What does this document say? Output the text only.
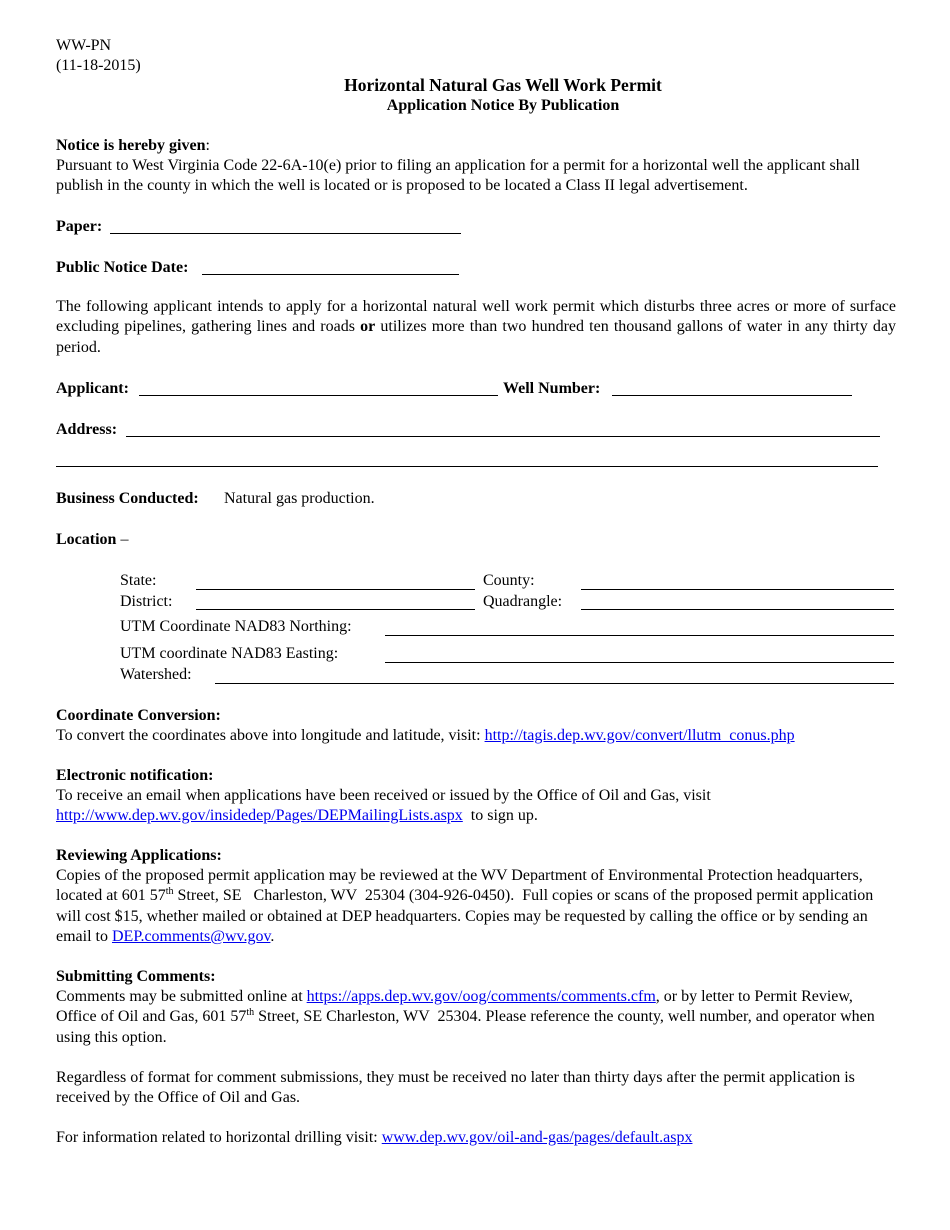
WW-PN
(11-18-2015)
Horizontal Natural Gas Well Work Permit
Application Notice By Publication
Notice is hereby given:
Pursuant to West Virginia Code 22-6A-10(e) prior to filing an application for a permit for a horizontal well the applicant shall publish in the county in which the well is located or is proposed to be located a Class II legal advertisement.
Paper:
Public Notice Date:
The following applicant intends to apply for a horizontal natural well work permit which disturbs three acres or more of surface excluding pipelines, gathering lines and roads or utilizes more than two hundred ten thousand gallons of water in any thirty day period.
Applicant:	Well Number:
Address:
Business Conducted: Natural gas production.
Location –
State:	County:
District:	Quadrangle:
UTM Coordinate NAD83 Northing:
UTM coordinate NAD83 Easting:
Watershed:
Coordinate Conversion:
To convert the coordinates above into longitude and latitude, visit: http://tagis.dep.wv.gov/convert/llutm_conus.php
Electronic notification:
To receive an email when applications have been received or issued by the Office of Oil and Gas, visit
http://www.dep.wv.gov/insidedep/Pages/DEPMailingLists.aspx  to sign up.
Reviewing Applications:
Copies of the proposed permit application may be reviewed at the WV Department of Environmental Protection headquarters, located at 601 57th Street, SE   Charleston, WV  25304 (304-926-0450).  Full copies or scans of the proposed permit application will cost $15, whether mailed or obtained at DEP headquarters. Copies may be requested by calling the office or by sending an email to DEP.comments@wv.gov.
Submitting Comments:
Comments may be submitted online at https://apps.dep.wv.gov/oog/comments/comments.cfm, or by letter to Permit Review, Office of Oil and Gas, 601 57th Street, SE Charleston, WV  25304. Please reference the county, well number, and operator when using this option.
Regardless of format for comment submissions, they must be received no later than thirty days after the permit application is received by the Office of Oil and Gas.
For information related to horizontal drilling visit: www.dep.wv.gov/oil-and-gas/pages/default.aspx
